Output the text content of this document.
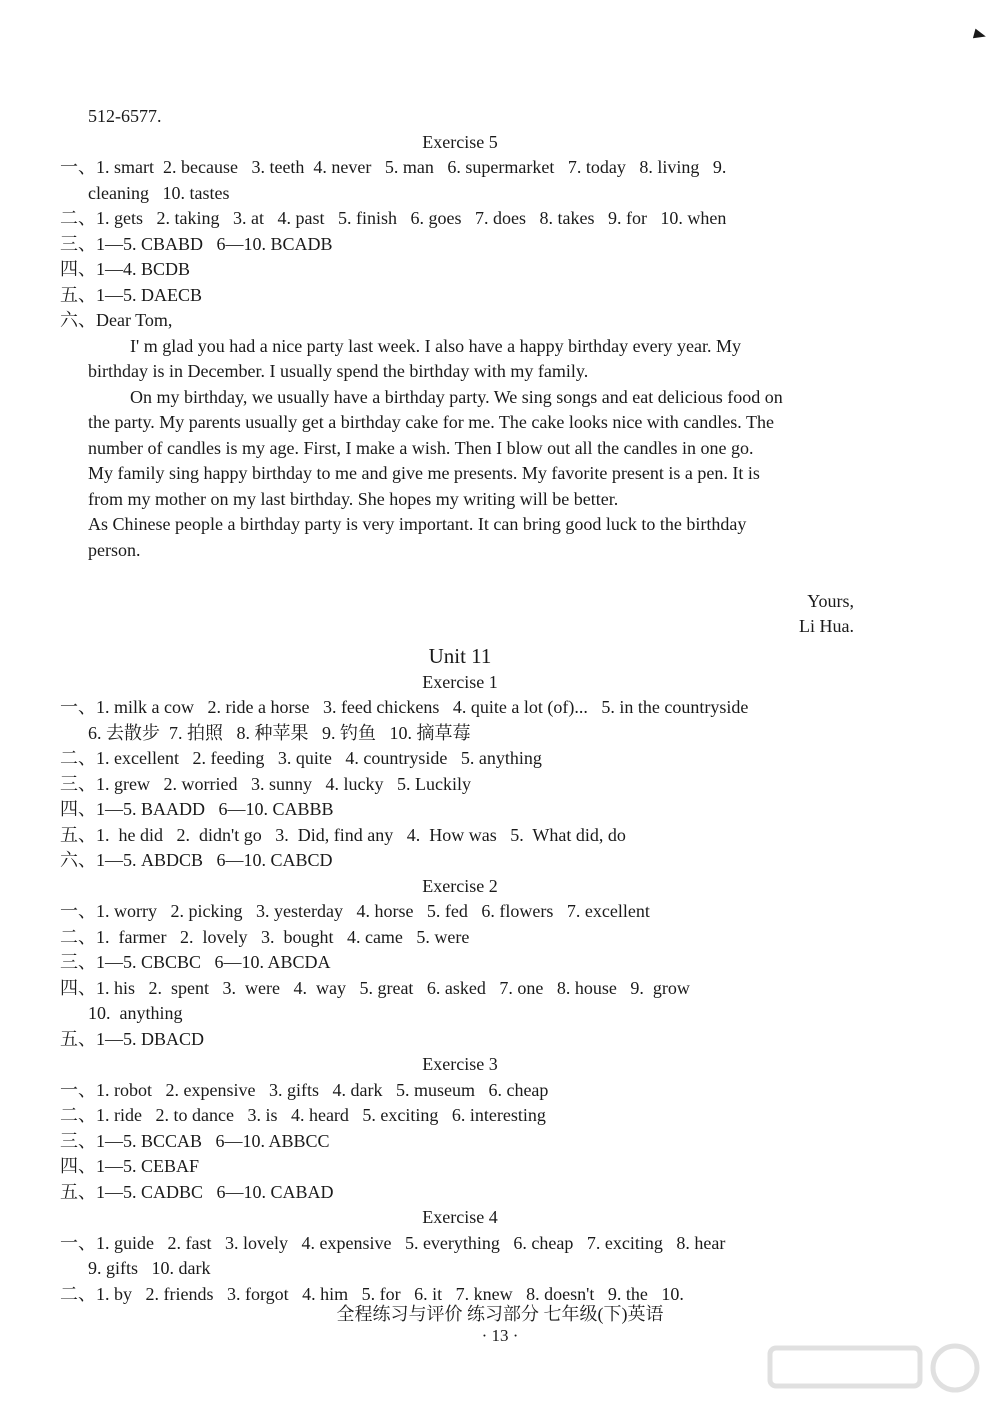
512-6577.
Exercise 5
一、1. smart  2. because   3. teeth  4. never   5. man   6. supermarket   7. today   8. living   9.
cleaning   10. tastes
二、1. gets   2. taking   3. at   4. past   5. finish   6. goes   7. does   8. takes   9. for   10. when
三、1—5. CBABD   6—10. BCADB
四、1—4. BCDB
五、1—5. DAECB
六、Dear Tom,
I' m glad you had a nice party last week. I also have a happy birthday every year. My
birthday is in December. I usually spend the birthday with my family.
On my birthday, we usually have a birthday party. We sing songs and eat delicious food on
the party. My parents usually get a birthday cake for me. The cake looks nice with candles. The
number of candles is my age. First, I make a wish. Then I blow out all the candles in one go.
My family sing happy birthday to me and give me presents. My favorite present is a pen. It is
from my mother on my last birthday. She hopes my writing will be better.
As Chinese people a birthday party is very important. It can bring good luck to the birthday
person.
Yours,
Li Hua.
Unit 11
Exercise 1
一、1. milk a cow   2. ride a horse   3. feed chickens   4. quite a lot (of)...   5. in the countryside
6. 去散步  7. 拍照   8. 种苹果   9. 钓鱼   10. 摘草莓
二、1. excellent   2. feeding   3. quite   4. countryside   5. anything
三、1. grew   2. worried   3. sunny   4. lucky   5. Luckily
四、1—5. BAADD   6—10. CABBB
五、1.  he did   2.  didn't go   3.  Did, find any   4.  How was   5.  What did, do
六、1—5. ABDCB   6—10. CABCD
Exercise 2
一、1. worry   2. picking   3. yesterday   4. horse   5. fed   6. flowers   7. excellent
二、1.  farmer   2.  lovely   3.  bought   4. came   5. were
三、1—5. CBCBC   6—10. ABCDA
四、1. his   2.  spent   3.  were   4.  way   5. great   6. asked   7. one   8. house   9.  grow
10.  anything
五、1—5. DBACD
Exercise 3
一、1. robot   2. expensive   3. gifts   4. dark   5. museum   6. cheap
二、1. ride   2. to dance   3. is   4. heard   5. exciting   6. interesting
三、1—5. BCCAB   6—10. ABBCC
四、1—5. CEBAF
五、1—5. CADBC   6—10. CABAD
Exercise 4
一、1. guide   2. fast   3. lovely   4. expensive   5. everything   6. cheap   7. exciting   8. hear
9. gifts   10. dark
二、1. by   2. friends   3. forgot   4. him   5. for   6. it   7. knew   8. doesn't   9. the   10.
全程练习与评价 练习部分 七年级(下)英语
· 13 ·
